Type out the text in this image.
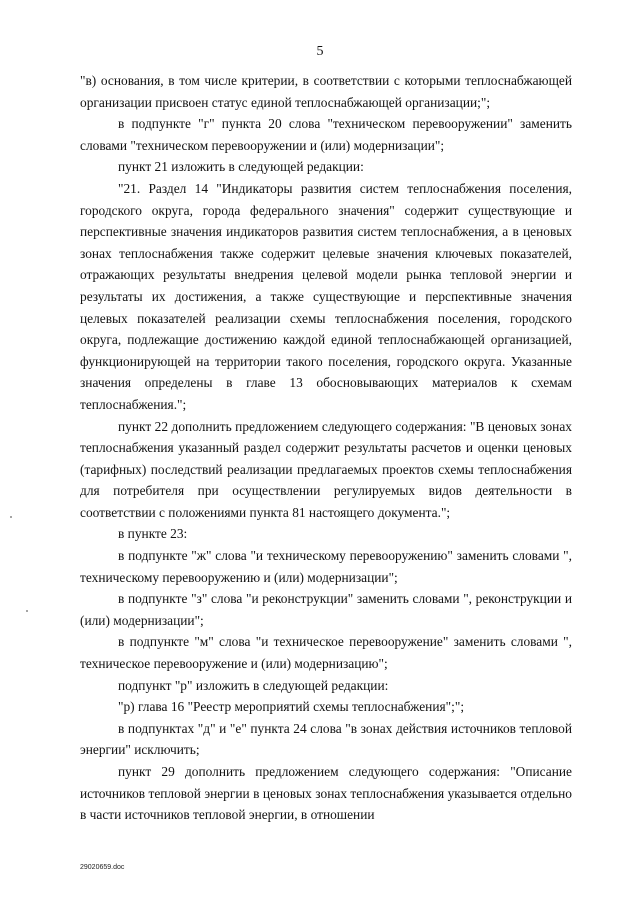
5

"в) основания, в том числе критерии, в соответствии с которыми теплоснабжающей организации присвоен статус единой теплоснабжающей организации;";

в подпункте "г" пункта 20 слова "техническом перевооружении" заменить словами "техническом перевооружении и (или) модернизации";

пункт 21 изложить в следующей редакции:

"21. Раздел 14 "Индикаторы развития систем теплоснабжения поселения, городского округа, города федерального значения" содержит существующие и перспективные значения индикаторов развития систем теплоснабжения, а в ценовых зонах теплоснабжения также содержит целевые значения ключевых показателей, отражающих результаты внедрения целевой модели рынка тепловой энергии и результаты их достижения, а также существующие и перспективные значения целевых показателей реализации схемы теплоснабжения поселения, городского округа, подлежащие достижению каждой единой теплоснабжающей организацией, функционирующей на территории такого поселения, городского округа. Указанные значения определены в главе 13 обосновывающих материалов к схемам теплоснабжения.";

пункт 22 дополнить предложением следующего содержания: "В ценовых зонах теплоснабжения указанный раздел содержит результаты расчетов и оценки ценовых (тарифных) последствий реализации предлагаемых проектов схемы теплоснабжения для потребителя при осуществлении регулируемых видов деятельности в соответствии с положениями пункта 81 настоящего документа.";

в пункте 23:

в подпункте "ж" слова "и техническому перевооружению" заменить словами ", техническому перевооружению и (или) модернизации";

в подпункте "з" слова "и реконструкции" заменить словами ", реконструкции и (или) модернизации";

в подпункте "м" слова "и техническое перевооружение" заменить словами ", техническое перевооружение и (или) модернизацию";

подпункт "р" изложить в следующей редакции:

"р) глава 16 "Реестр мероприятий схемы теплоснабжения";";

в подпунктах "д" и "е" пункта 24 слова "в зонах действия источников тепловой энергии" исключить;

пункт 29 дополнить предложением следующего содержания: "Описание источников тепловой энергии в ценовых зонах теплоснабжения указывается отдельно в части источников тепловой энергии, в отношении

29020659.doc
